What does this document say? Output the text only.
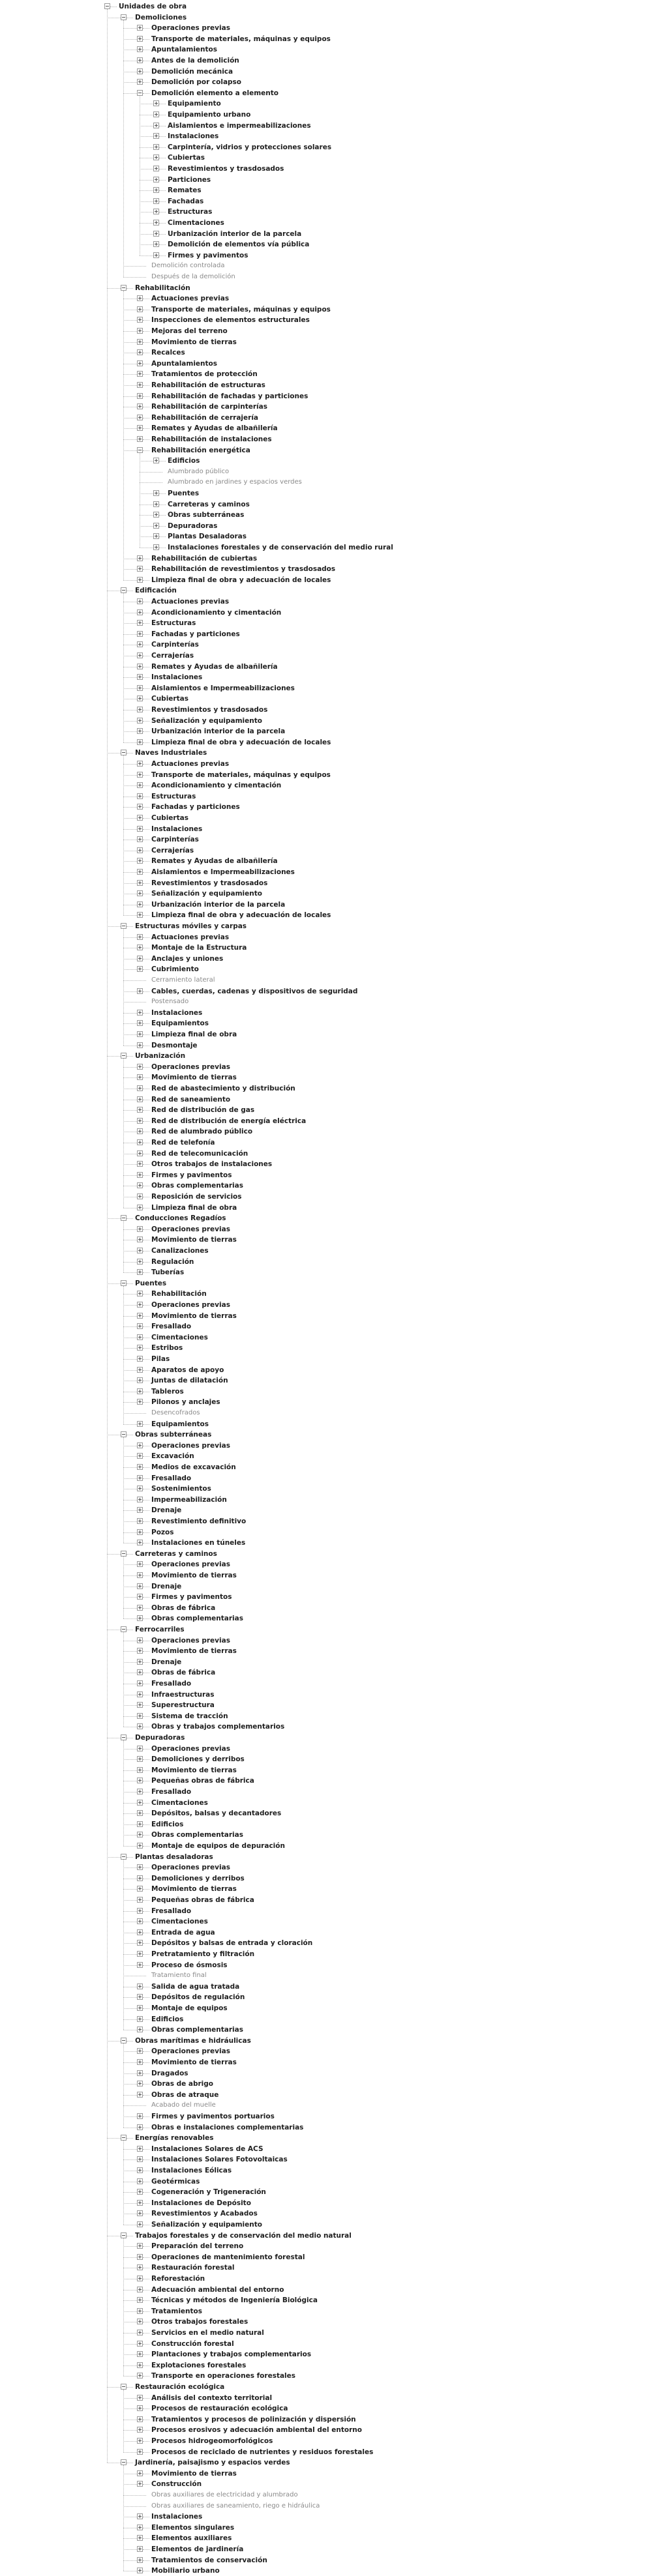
Unidades de obra
Demoliciones
Operaciones previas
Transporte de materiales, máquinas y equipos
Apuntalamientos
Antes de la demolición
Demolición mecánica
Demolición por colapso
Demolición elemento a elemento
Equipamiento
Equipamiento urbano
Aislamientos e impermeabilizaciones
Instalaciones
Carpintería, vidrios y protecciones solares
Cubiertas
Revestimientos y trasdosados
Particiones
Remates
Fachadas
Estructuras
Cimentaciones
Urbanización interior de la parcela
Demolición de elementos vía pública
Firmes y pavimentos
Demolición controlada
Después de la demolición
Rehabilitación
Actuaciones previas
Transporte de materiales, máquinas y equipos
Inspecciones de elementos estructurales
Mejoras del terreno
Movimiento de tierras
Recalces
Apuntalamientos
Tratamientos de protección
Rehabilitación de estructuras
Rehabilitación de fachadas y particiones
Rehabilitación de carpinterías
Rehabilitación de cerrajería
Remates y Ayudas de albañilería
Rehabilitación de instalaciones
Rehabilitación energética
Edificios
Alumbrado público
Alumbrado en jardines y espacios verdes
Puentes
Carreteras y caminos
Obras subterráneas
Depuradoras
Plantas Desaladoras
Instalaciones forestales y de conservación del medio rural
Rehabilitación de cubiertas
Rehabilitación de revestimientos y trasdosados
Limpieza final de obra y adecuación de locales
Edificación
Actuaciones previas
Acondicionamiento y cimentación
Estructuras
Fachadas y particiones
Carpinterías
Cerrajerías
Remates y Ayudas de albañilería
Instalaciones
Aislamientos e Impermeabilizaciones
Cubiertas
Revestimientos y trasdosados
Señalización y equipamiento
Urbanización interior de la parcela
Limpieza final de obra y adecuación de locales
Naves Industriales
Actuaciones previas
Transporte de materiales, máquinas y equipos
Acondicionamiento y cimentación
Estructuras
Fachadas y particiones
Cubiertas
Instalaciones
Carpinterías
Cerrajerías
Remates y Ayudas de albañilería
Aislamientos e Impermeabilizaciones
Revestimientos y trasdosados
Señalización y equipamiento
Urbanización interior de la parcela
Limpieza final de obra y adecuación de locales
Estructuras móviles y carpas
Actuaciones previas
Montaje de la Estructura
Anclajes y uniones
Cubrimiento
Cerramiento lateral
Cables, cuerdas, cadenas y dispositivos de seguridad
Postensado
Instalaciones
Equipamientos
Limpieza final de obra
Desmontaje
Urbanización
Operaciones previas
Movimiento de tierras
Red de abastecimiento y distribución
Red de saneamiento
Red de distribución de gas
Red de distribución de energía eléctrica
Red de alumbrado público
Red de telefonía
Red de telecomunicación
Otros trabajos de instalaciones
Firmes y pavimentos
Obras complementarias
Reposición de servicios
Limpieza final de obra
Conducciones Regadíos
Operaciones previas
Movimiento de tierras
Canalizaciones
Regulación
Tuberías
Puentes
Rehabilitación
Operaciones previas
Movimiento de tierras
Fresallado
Cimentaciones
Estribos
Pilas
Aparatos de apoyo
Juntas de dilatación
Tableros
Pilonos y anclajes
Desencofrados
Equipamientos
Obras subterráneas
Operaciones previas
Excavación
Medios de excavación
Fresallado
Sostenimientos
Impermeabilización
Drenaje
Revestimiento definitivo
Pozos
Instalaciones en túneles
Carreteras y caminos
Operaciones previas
Movimiento de tierras
Drenaje
Firmes y pavimentos
Obras de fábrica
Obras complementarias
Ferrocarriles
Operaciones previas
Movimiento de tierras
Drenaje
Obras de fábrica
Fresallado
Infraestructuras
Superestructura
Sistema de tracción
Obras y trabajos complementarios
Depuradoras
Operaciones previas
Demoliciones y derribos
Movimiento de tierras
Pequeñas obras de fábrica
Fresallado
Cimentaciones
Depósitos, balsas y decantadores
Edificios
Obras complementarias
Montaje de equipos de depuración
Plantas desaladoras
Operaciones previas
Demoliciones y derribos
Movimiento de tierras
Pequeñas obras de fábrica
Fresallado
Cimentaciones
Entrada de agua
Depósitos y balsas de entrada y cloración
Pretratamiento y filtración
Proceso de ósmosis
Tratamiento final
Salida de agua tratada
Depósitos de regulación
Montaje de equipos
Edificios
Obras complementarias
Obras marítimas e hidráulicas
Operaciones previas
Movimiento de tierras
Dragados
Obras de abrigo
Obras de atraque
Acabado del muelle
Firmes y pavimentos portuarios
Obras e instalaciones complementarias
Energías renovables
Instalaciones Solares de ACS
Instalaciones Solares Fotovoltaicas
Instalaciones Eólicas
Geotérmicas
Cogeneración y Trigeneración
Instalaciones de Depósito
Revestimientos y Acabados
Señalización y equipamiento
Trabajos forestales y de conservación del medio natural
Preparación del terreno
Operaciones de mantenimiento forestal
Restauración forestal
Reforestación
Adecuación ambiental del entorno
Técnicas y métodos de Ingeniería Biológica
Tratamientos
Otros trabajos forestales
Servicios en el medio natural
Construcción forestal
Plantaciones y trabajos complementarios
Explotaciones forestales
Transporte en operaciones forestales
Restauración ecológica
Análisis del contexto territorial
Procesos de restauración ecológica
Tratamientos y procesos de polinización y dispersión
Procesos erosivos y adecuación ambiental del entorno
Procesos hidrogeomorfológicos
Procesos de reciclado de nutrientes y residuos forestales
Jardinería, paisajismo y espacios verdes
Movimiento de tierras
Construcción
Obras auxiliares de electricidad y alumbrado
Obras auxiliares de saneamiento, riego e hidráulica
Instalaciones
Elementos singulares
Elementos auxiliares
Elementos de jardinería
Tratamientos de conservación
Mobiliario urbano
